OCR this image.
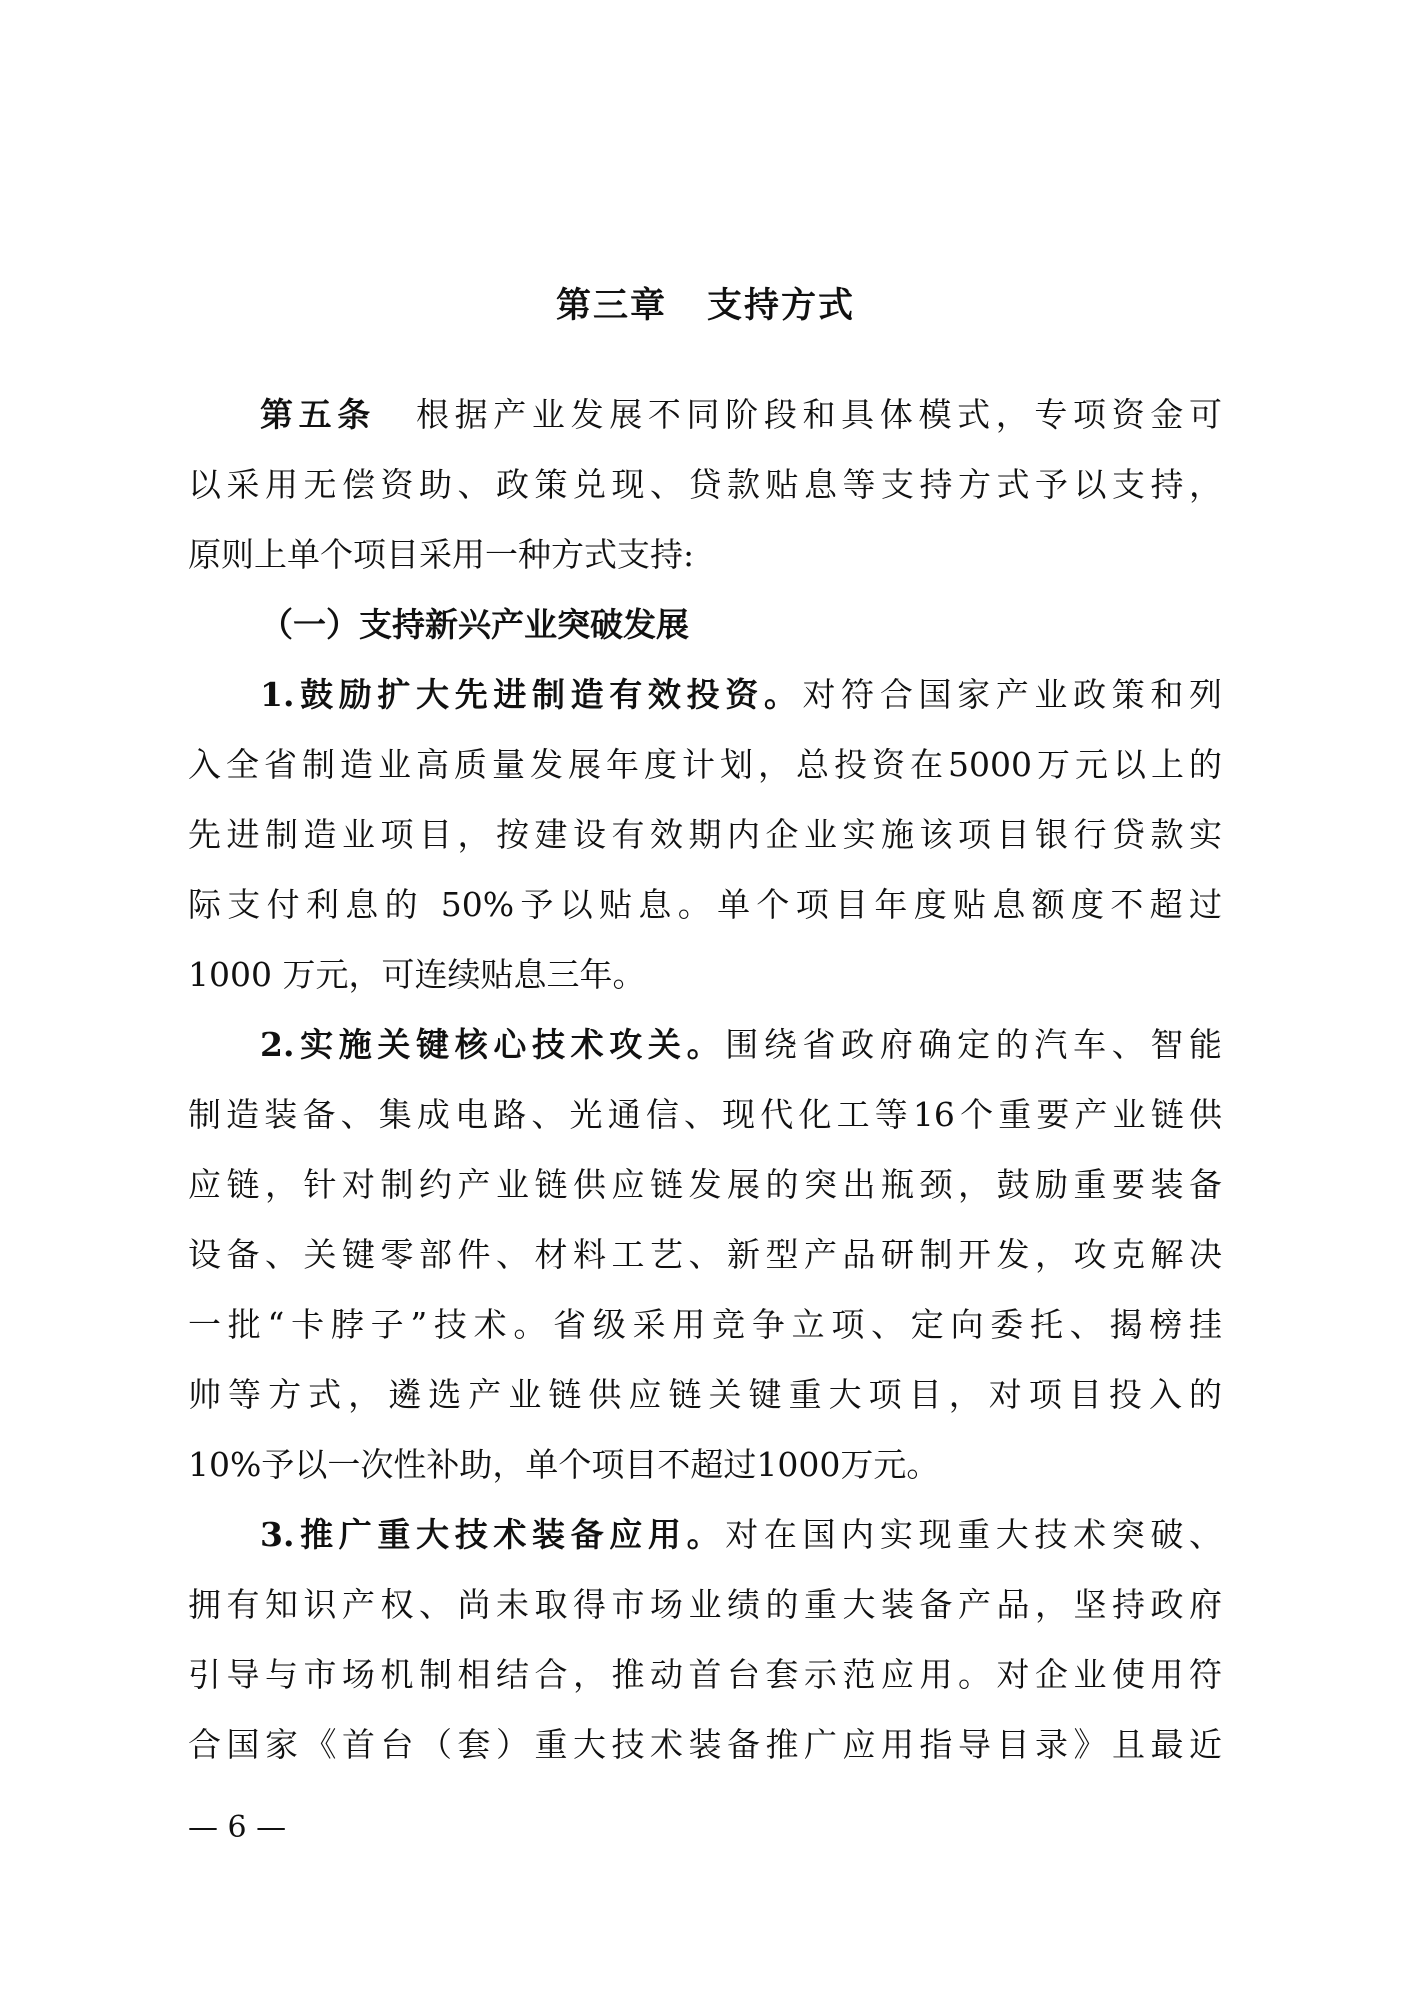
第三章 支持方式
第五条 根据产业发展不同阶段和具体模式，专项资金可
以采用无偿资助、政策兑现、贷款贴息等支持方式予以支持，
原则上单个项目采用一种方式支持:
（一）支持新兴产业突破发展
1.鼓励扩大先进制造有效投资。对符合国家产业政策和列
入全省制造业高质量发展年度计划，总投资在5000万元以上的
先进制造业项目，按建设有效期内企业实施该项目银行贷款实
际支付利息的 50%予以贴息。单个项目年度贴息额度不超过
1000 万元，可连续贴息三年。
2.实施关键核心技术攻关。围绕省政府确定的汽车、智能
制造装备、集成电路、光通信、现代化工等16个重要产业链供
应链，针对制约产业链供应链发展的突出瓶颈，鼓励重要装备
设备、关键零部件、材料工艺、新型产品研制开发，攻克解决
一批“卡脖子”技术。省级采用竞争立项、定向委托、揭榜挂
帅等方式，遴选产业链供应链关键重大项目，对项目投入的
10%予以一次性补助，单个项目不超过1000万元。
3.推广重大技术装备应用。对在国内实现重大技术突破、
拥有知识产权、尚未取得市场业绩的重大装备产品，坚持政府
引导与市场机制相结合，推动首台套示范应用。对企业使用符
合国家《首台（套）重大技术装备推广应用指导目录》且最近

— 6 —
